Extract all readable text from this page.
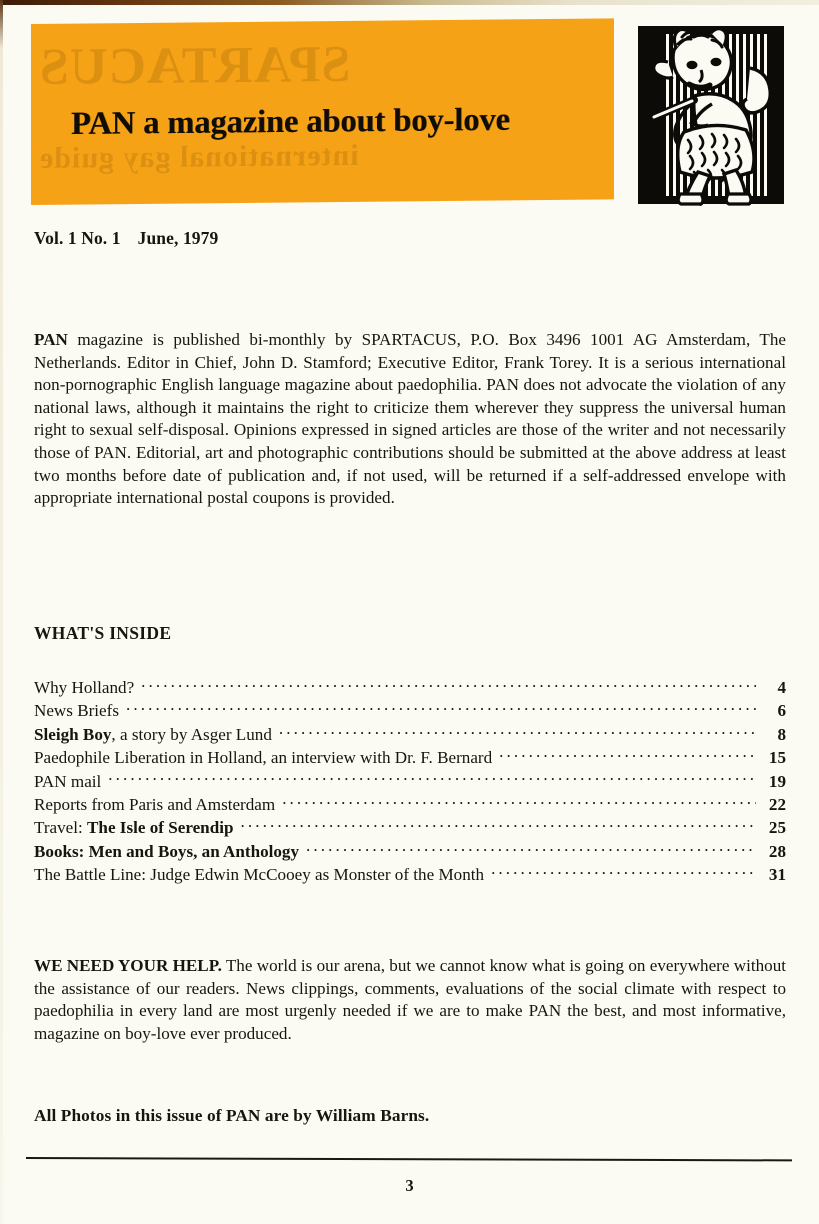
SPARTACUS
international gay guide
PAN a magazine about boy-love
Vol. 1 No. 1 June, 1979

PAN magazine is published bi-monthly by SPARTACUS, P.O. Box 3496 1001 AG Amsterdam, The Netherlands. Editor in Chief, John D. Stamford; Executive Editor, Frank Torey. It is a serious international non-pornographic English language magazine about paedophilia. PAN does not advocate the violation of any national laws, although it maintains the right to criticize them wherever they suppress the universal human right to sexual self-disposal. Opinions expressed in signed articles are those of the writer and not necessarily those of PAN. Editorial, art and photographic contributions should be submitted at the above address at least two months before date of publication and, if not used, will be returned if a self-addressed envelope with appropriate international postal coupons is provided.

WHAT'S INSIDE
Why Holland? .....	4
News Briefs .....	6
Sleigh Boy, a story by Asger Lund .....	8
Paedophile Liberation in Holland, an interview with Dr. F. Bernard .....	15
PAN mail .....	19
Reports from Paris and Amsterdam .....	22
Travel: The Isle of Serendip .....	25
Books: Men and Boys, an Anthology .....	28
The Battle Line: Judge Edwin McCooey as Monster of the Month .....	31

WE NEED YOUR HELP. The world is our arena, but we cannot know what is going on everywhere without the assistance of our readers. News clippings, comments, evaluations of the social climate with respect to paedophilia in every land are most urgenly needed if we are to make PAN the best, and most informative, magazine on boy-love ever produced.

All Photos in this issue of PAN are by William Barns.
3
